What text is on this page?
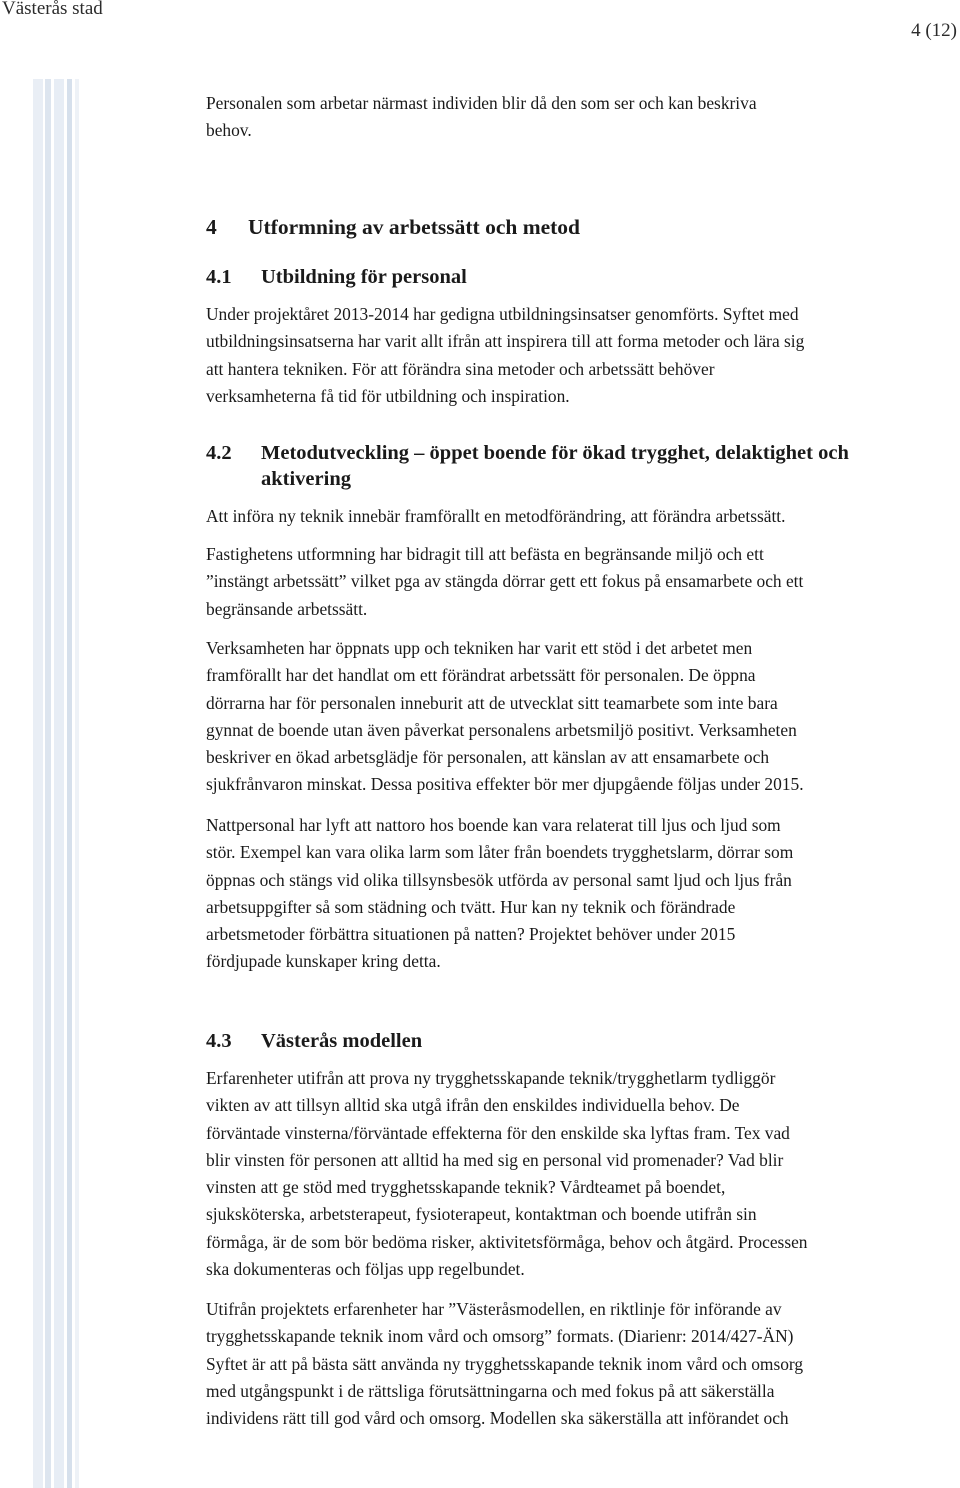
Västerås stad
4 (12)

Personalen som arbetar närmast individen blir då den som ser och kan beskriva

behov.

4 Utformning av arbetssätt och metod

4.1 Utbildning för personal

Under projektåret 2013-2014 har gedigna utbildningsinsatser genomförts. Syftet med

utbildningsinsatserna har varit allt ifrån att inspirera till att forma metoder och lära sig

att hantera tekniken. För att förändra sina metoder och arbetssätt behöver

verksamheterna få tid för utbildning och inspiration.

4.2 Metodutveckling – öppet boende för ökad trygghet, delaktighet och

aktivering

Att införa ny teknik innebär framförallt en metodförändring, att förändra arbetssätt.

Fastighetens utformning har bidragit till att befästa en begränsande miljö och ett

”instängt arbetssätt” vilket pga av stängda dörrar gett ett fokus på ensamarbete och ett

begränsande arbetssätt.

Verksamheten har öppnats upp och tekniken har varit ett stöd i det arbetet men

framförallt har det handlat om ett förändrat arbetssätt för personalen. De öppna

dörrarna har för personalen inneburit att de utvecklat sitt teamarbete som inte bara

gynnat de boende utan även påverkat personalens arbetsmiljö positivt. Verksamheten

beskriver en ökad arbetsglädje för personalen, att känslan av att ensamarbete och

sjukfrånvaron minskat. Dessa positiva effekter bör mer djupgående följas under 2015.

Nattpersonal har lyft att nattoro hos boende kan vara relaterat till ljus och ljud som

stör. Exempel kan vara olika larm som låter från boendets trygghetslarm, dörrar som

öppnas och stängs vid olika tillsynsbesök utförda av personal samt ljud och ljus från

arbetsuppgifter så som städning och tvätt. Hur kan ny teknik och förändrade

arbetsmetoder förbättra situationen på natten? Projektet behöver under 2015

fördjupade kunskaper kring detta.

4.3 Västerås modellen

Erfarenheter utifrån att prova ny trygghetsskapande teknik/trygghetlarm tydliggör

vikten av att tillsyn alltid ska utgå ifrån den enskildes individuella behov. De

förväntade vinsterna/förväntade effekterna för den enskilde ska lyftas fram. Tex vad

blir vinsten för personen att alltid ha med sig en personal vid promenader? Vad blir

vinsten att ge stöd med trygghetsskapande teknik? Vårdteamet på boendet,

sjuksköterska, arbetsterapeut, fysioterapeut, kontaktman och boende utifrån sin

förmåga, är de som bör bedöma risker, aktivitetsförmåga, behov och åtgärd. Processen

ska dokumenteras och följas upp regelbundet.

Utifrån projektets erfarenheter har ”Västeråsmodellen, en riktlinje för införande av

trygghetsskapande teknik inom vård och omsorg” formats. (Diarienr: 2014/427-ÄN)

Syftet är att på bästa sätt använda ny trygghetsskapande teknik inom vård och omsorg

med utgångspunkt i de rättsliga förutsättningarna och med fokus på att säkerställa

individens rätt till god vård och omsorg. Modellen ska säkerställa att införandet och
